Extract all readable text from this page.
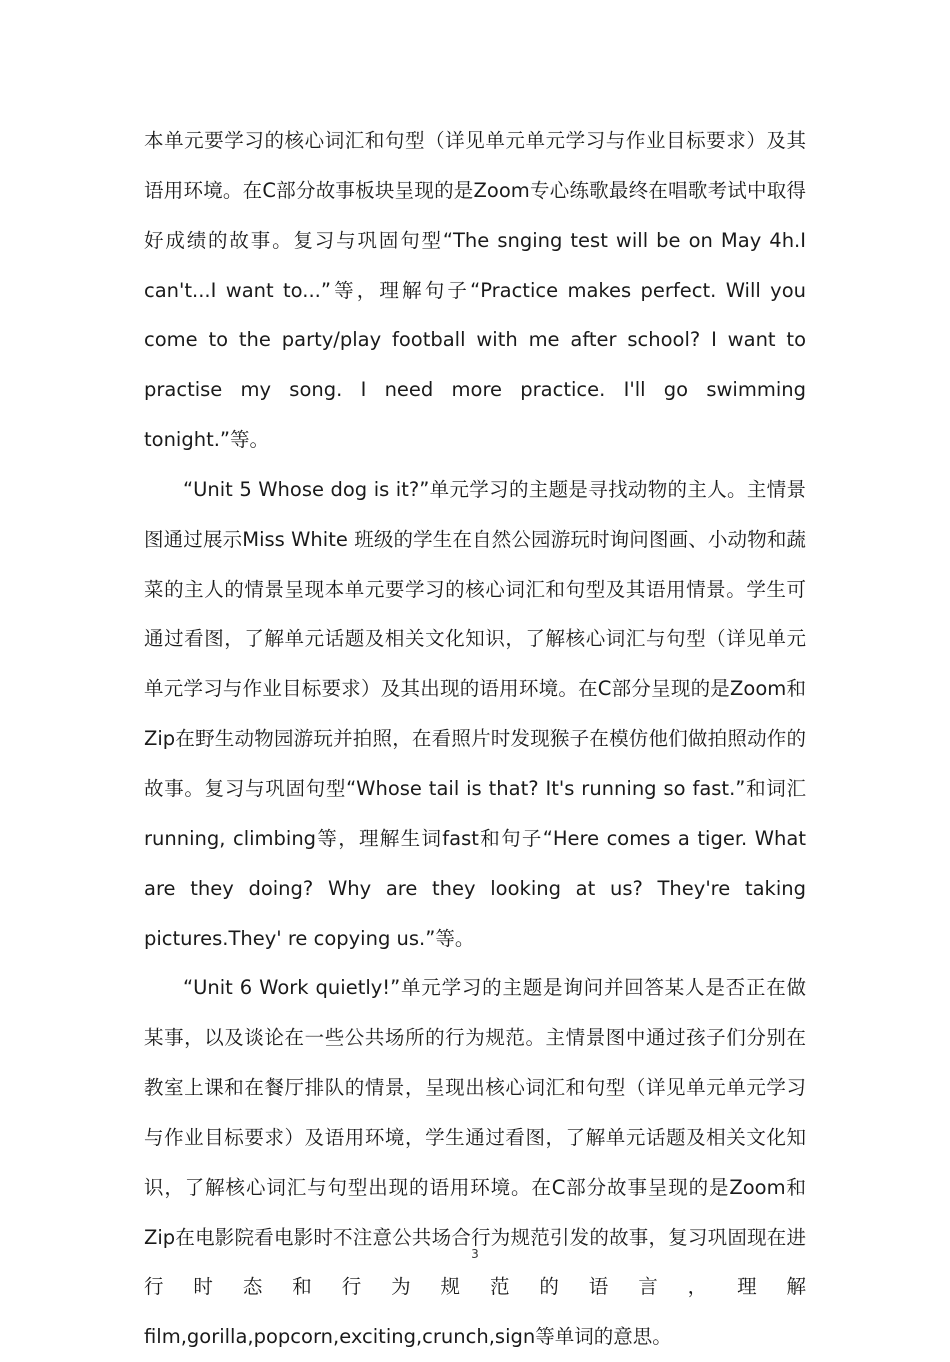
本单元要学习的核心词汇和句型（详见单元单元学习与作业目标要求）及其语用环境。在C部分故事板块呈现的是Zoom专心练歌最终在唱歌考试中取得好成绩的故事。复习与巩固句型“The snging test will be on May 4h.I can't...I want to...”等，理解句子“Practice makes perfect. Will you come to the party/play football with me after school? I want to practise my song. I need more practice. I'll go swimming tonight.”等。

“Unit 5 Whose dog is it?”单元学习的主题是寻找动物的主人。主情景图通过展示Miss White 班级的学生在自然公园游玩时询问图画、小动物和蔬菜的主人的情景呈现本单元要学习的核心词汇和句型及其语用情景。学生可通过看图，了解单元话题及相关文化知识，了解核心词汇与句型（详见单元单元学习与作业目标要求）及其出现的语用环境。在C部分呈现的是Zoom和Zip在野生动物园游玩并拍照，在看照片时发现猴子在模仿他们做拍照动作的故事。复习与巩固句型“Whose tail is that? It's running so fast.”和词汇running, climbing等，理解生词fast和句子“Here comes a tiger. What are they doing? Why are they looking at us? They're taking pictures.They' re copying us.”等。

“Unit 6 Work quietly!”单元学习的主题是询问并回答某人是否正在做某事，以及谈论在一些公共场所的行为规范。主情景图中通过孩子们分别在教室上课和在餐厅排队的情景，呈现出核心词汇和句型（详见单元单元学习与作业目标要求）及语用环境，学生通过看图，了解单元话题及相关文化知识，了解核心词汇与句型出现的语用环境。在C部分故事呈现的是Zoom和Zip在电影院看电影时不注意公共场合行为规范引发的故事，复习巩固现在进行时态和行为规范的语言，理解film,gorilla,popcorn,exciting,crunch,sign等单词的意思。

3
